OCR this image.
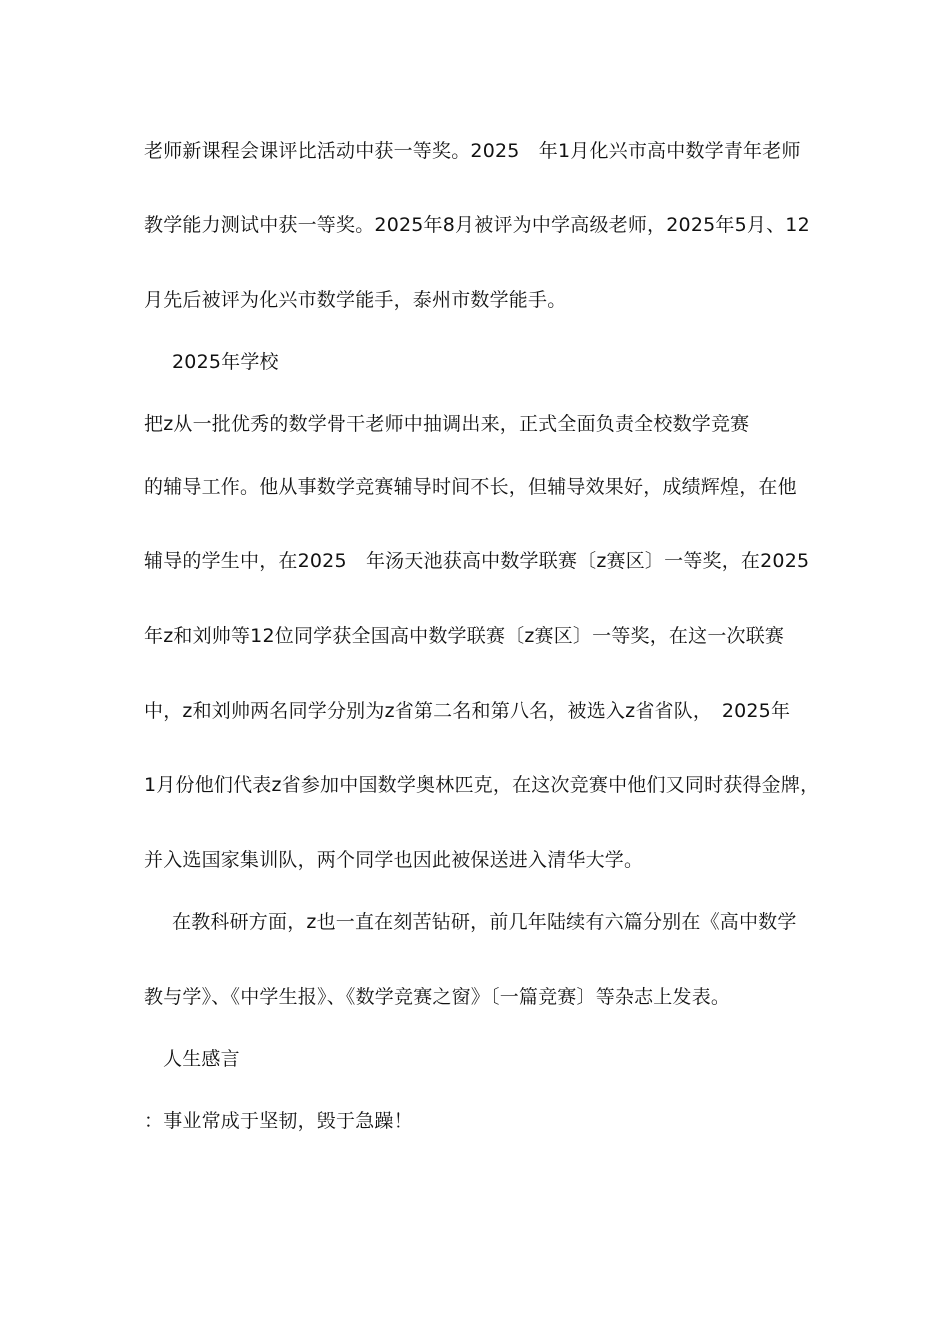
老师新课程会课评比活动中获一等奖。2025　年1月化兴市高中数学青年老师
教学能力测试中获一等奖。2025年8月被评为中学高级老师，2025年5月、12
月先后被评为化兴市数学能手，泰州市数学能手。
2025年学校
把z从一批优秀的数学骨干老师中抽调出来，正式全面负责全校数学竞赛
的辅导工作。他从事数学竞赛辅导时间不长，但辅导效果好，成绩辉煌，在他
辅导的学生中，在2025　年汤天池获高中数学联赛〔z赛区〕一等奖，在2025
年z和刘帅等12位同学获全国高中数学联赛〔z赛区〕一等奖，在这一次联赛
中，z和刘帅两名同学分别为z省第二名和第八名，被选入z省省队，　2025年
1月份他们代表z省参加中国数学奥林匹克，在这次竞赛中他们又同时获得金牌，
并入选国家集训队，两个同学也因此被保送进入清华大学。
在教科研方面，z也一直在刻苦钻研，前几年陆续有六篇分别在《高中数学
教与学》、《中学生报》、《数学竞赛之窗》〔一篇竞赛〕等杂志上发表。
人生感言
：事业常成于坚韧，毁于急躁！
